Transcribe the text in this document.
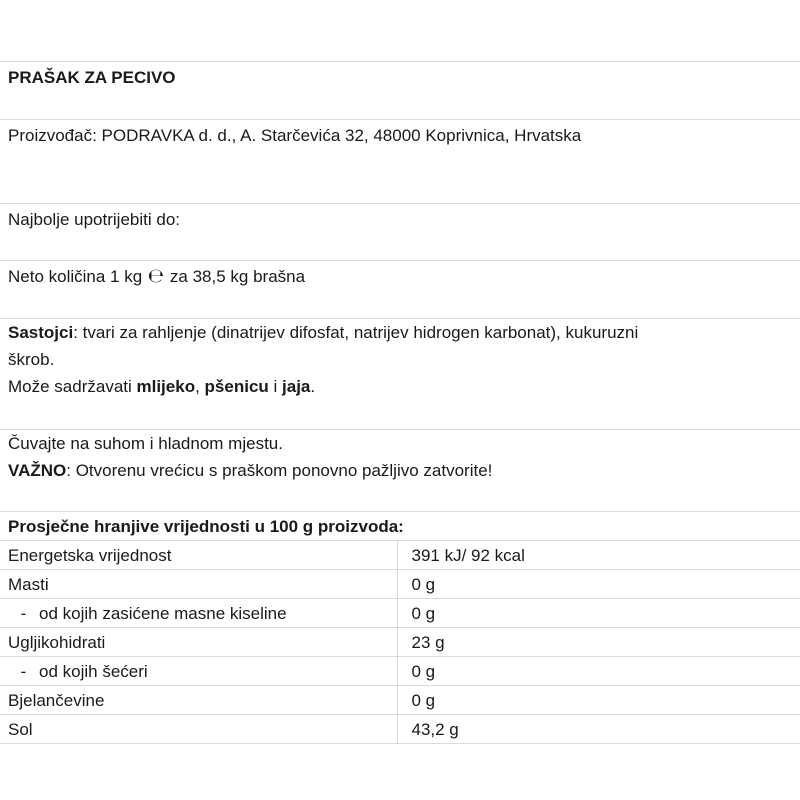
PRAŠAK ZA PECIVO
Proizvođač: PODRAVKA d. d., A. Starčevića 32, 48000 Koprivnica, Hrvatska
Najbolje upotrijebiti do:
Neto količina 1 kg ℮ za 38,5 kg brašna
Sastojci: tvari za rahljenje (dinatrijev difosfat, natrijev hidrogen karbonat), kukuruzni
škrob.
Može sadržavati mlijeko, pšenicu i jaja.
Čuvajte na suhom i hladnom mjestu.
VAŽNO: Otvorenu vrećicu s praškom ponovno pažljivo zatvorite!
Prosječne hranjive vrijednosti u 100 g proizvoda:	
Energetska vrijednost	391 kJ/ 92 kcal
Masti	0 g
- od kojih zasićene masne kiseline	0 g
Ugljikohidrati	23 g
- od kojih šećeri	0 g
Bjelančevine	0 g
Sol	43,2 g
